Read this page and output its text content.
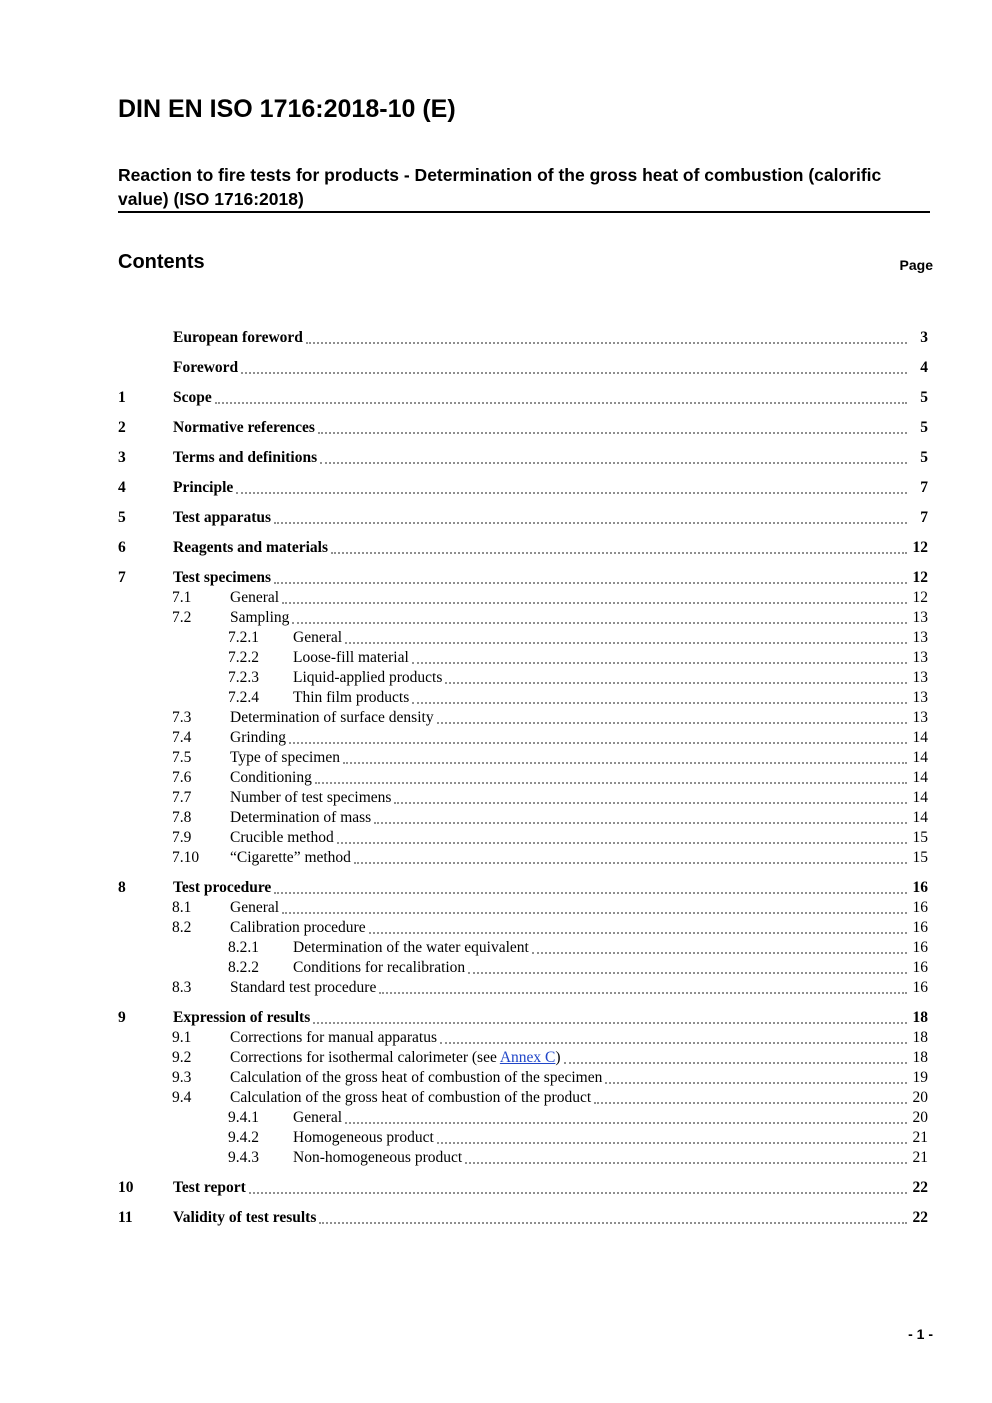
DIN EN ISO 1716:2018-10 (E)
Reaction to fire tests for products - Determination of the gross heat of combustion (calorific value) (ISO 1716:2018)
Contents	Page
European foreword	3
Foreword	4
1	Scope	5
2	Normative references	5
3	Terms and definitions	5
4	Principle	7
5	Test apparatus	7
6	Reagents and materials	12
7	Test specimens	12
7.1	General	12
7.2	Sampling	13
7.2.1	General	13
7.2.2	Loose-fill material	13
7.2.3	Liquid-applied products	13
7.2.4	Thin film products	13
7.3	Determination of surface density	13
7.4	Grinding	14
7.5	Type of specimen	14
7.6	Conditioning	14
7.7	Number of test specimens	14
7.8	Determination of mass	14
7.9	Crucible method	15
7.10	“Cigarette” method	15
8	Test procedure	16
8.1	General	16
8.2	Calibration procedure	16
8.2.1	Determination of the water equivalent	16
8.2.2	Conditions for recalibration	16
8.3	Standard test procedure	16
9	Expression of results	18
9.1	Corrections for manual apparatus	18
9.2	Corrections for isothermal calorimeter (see Annex C)	18
9.3	Calculation of the gross heat of combustion of the specimen	19
9.4	Calculation of the gross heat of combustion of the product	20
9.4.1	General	20
9.4.2	Homogeneous product	21
9.4.3	Non-homogeneous product	21
10	Test report	22
11	Validity of test results	22
- 1 -
